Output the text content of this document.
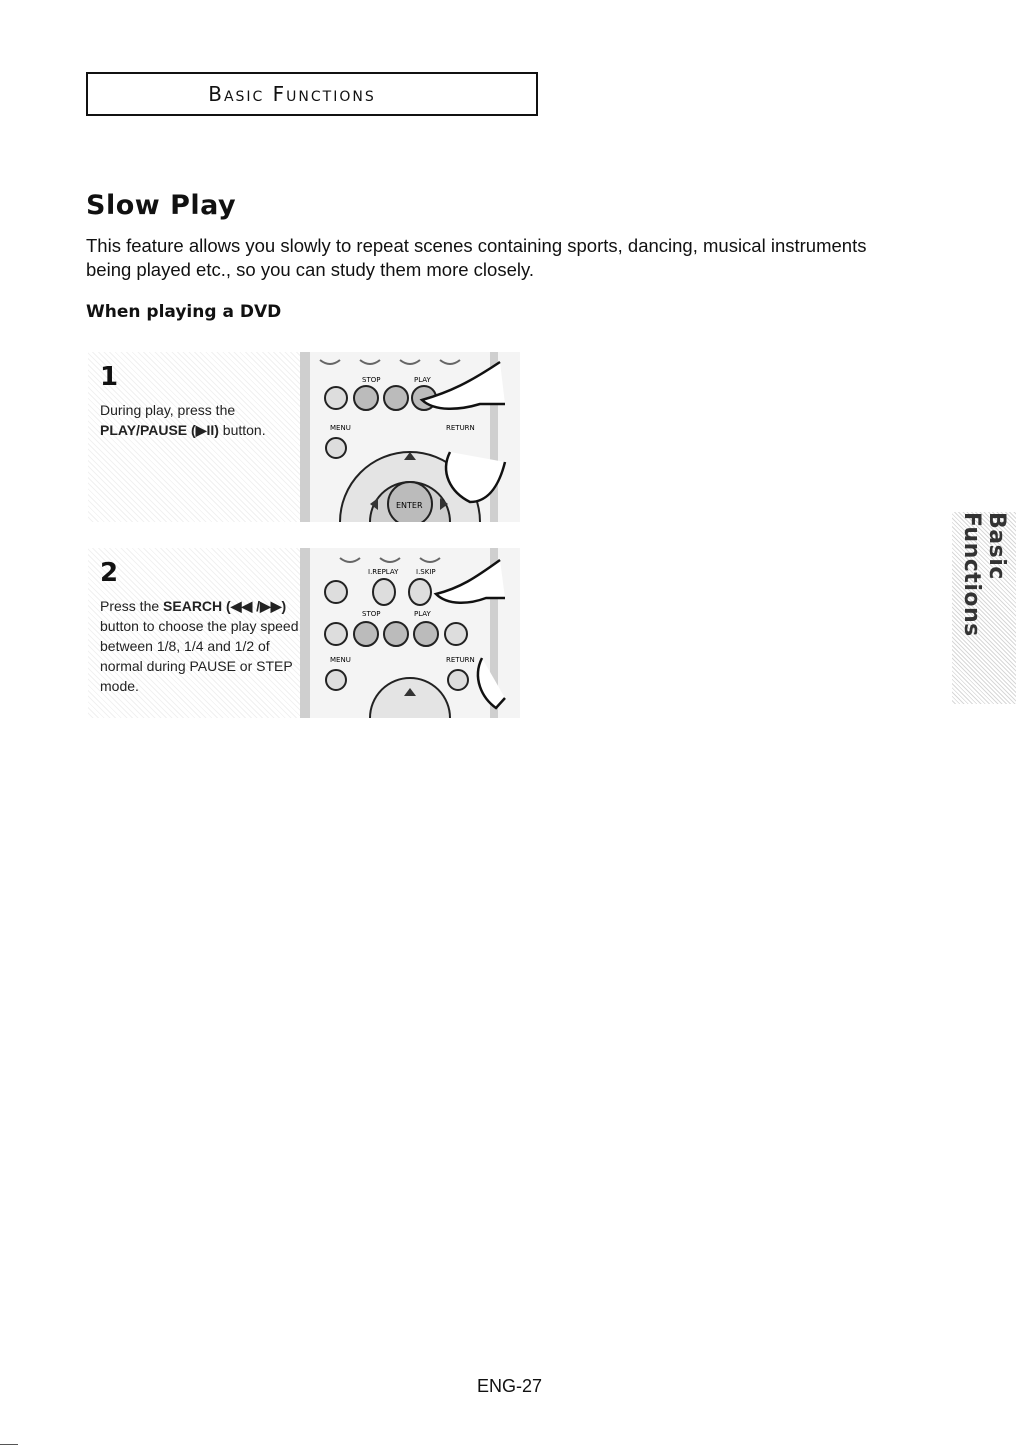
Basic Functions
Slow Play

This feature allows you slowly to repeat scenes containing sports, dancing, musical instruments being played etc., so you can study them more closely.

When playing a DVD
1
During play, press the PLAY/PAUSE (▶II) button.
STOP	PLAY
MENU	RETURN
ENTER
2
Press the SEARCH (◀◀ /▶▶) button to choose the play speed between 1/8, 1/4 and 1/2 of normal during PAUSE or STEP mode.
I.REPLAY	I.SKIP
STOP	PLAY
MENU	RETURN
Basic Functions
ENG-27
